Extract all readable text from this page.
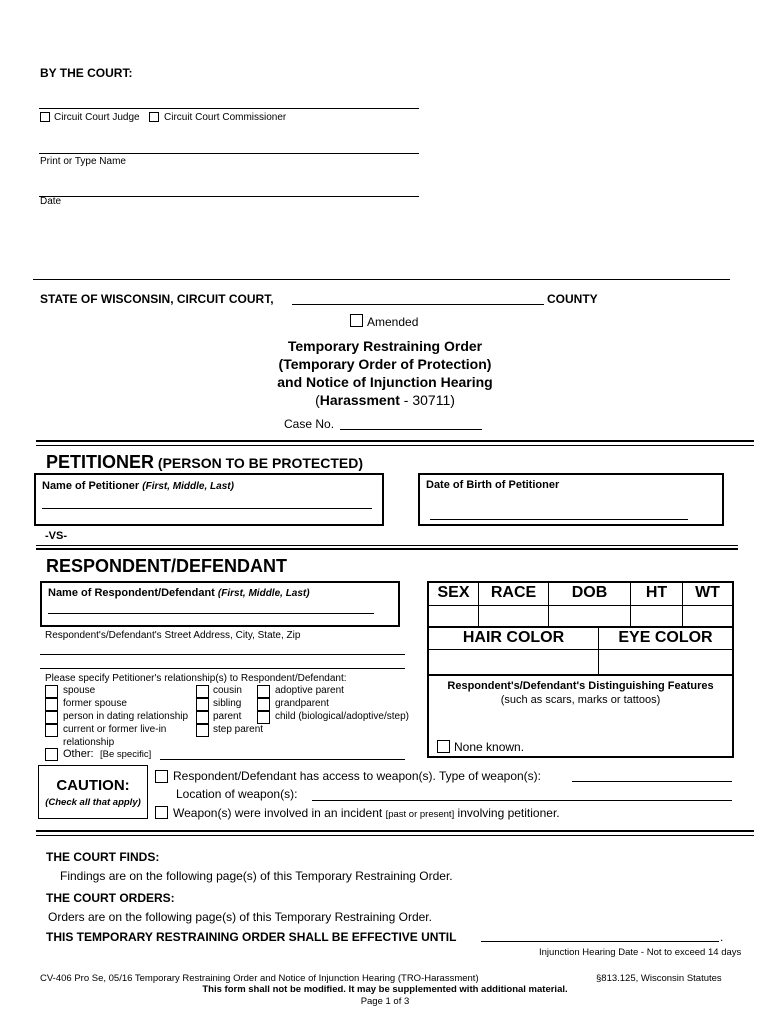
BY THE COURT:
Circuit Court Judge Circuit Court Commissioner
Print or Type Name
Date
STATE OF WISCONSIN, CIRCUIT COURT,	COUNTY
Amended
Temporary Restraining Order
(Temporary Order of Protection)
and Notice of Injunction Hearing
(Harassment - 30711)
Case No.
PETITIONER (PERSON TO BE PROTECTED)
Name of Petitioner (First, Middle, Last)	Date of Birth of Petitioner
-VS-
RESPONDENT/DEFENDANT
Name of Respondent/Defendant (First, Middle, Last)
Respondent's/Defendant's Street Address, City, State, Zip
Please specify Petitioner's relationship(s) to Respondent/Defendant:
spouse
former spouse
person in dating relationship
current or former live-in
relationship
cousin
sibling
parent
step parent
adoptive parent
grandparent
child (biological/adoptive/step)
Other: [Be specific]
SEX	RACE	DOB	HT	WT
HAIR COLOR	EYE COLOR
Respondent's/Defendant's Distinguishing Features
(such as scars, marks or tattoos)
None known.
CAUTION:
(Check all that apply)
Respondent/Defendant has access to weapon(s). Type of weapon(s):
Location of weapon(s):
Weapon(s) were involved in an incident [past or present] involving petitioner.
THE COURT FINDS:
Findings are on the following page(s) of this Temporary Restraining Order.
THE COURT ORDERS:
Orders are on the following page(s) of this Temporary Restraining Order.
THIS TEMPORARY RESTRAINING ORDER SHALL BE EFFECTIVE UNTIL	.
Injunction Hearing Date - Not to exceed 14 days
CV-406 Pro Se, 05/16 Temporary Restraining Order and Notice of Injunction Hearing (TRO-Harassment)	§813.125, Wisconsin Statutes
This form shall not be modified. It may be supplemented with additional material.
Page 1 of 3
